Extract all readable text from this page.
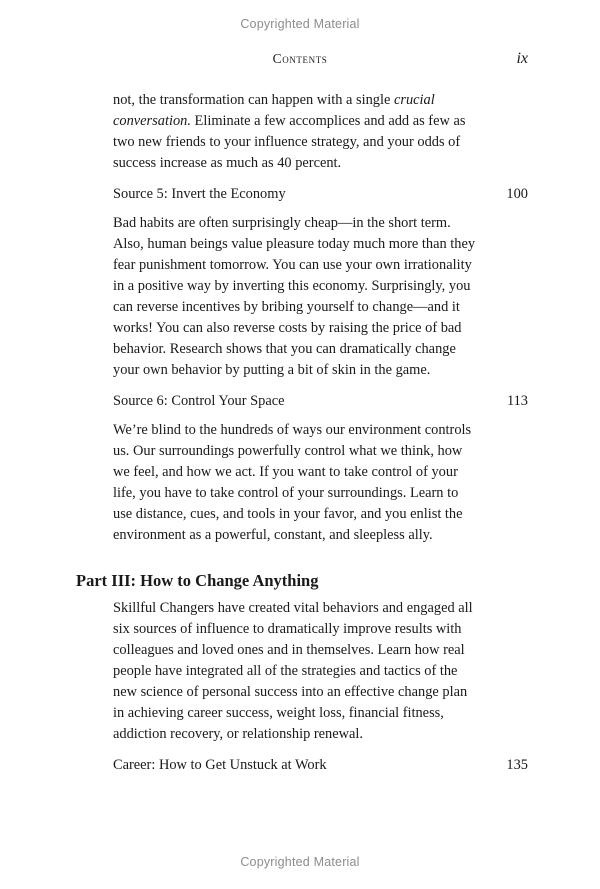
Copyrighted Material
Contents	ix

not, the transformation can happen with a single crucial conversation. Eliminate a few accomplices and add as few as two new friends to your influence strategy, and your odds of success increase as much as 40 percent.

Source 5: Invert the Economy	100

Bad habits are often surprisingly cheap—in the short term. Also, human beings value pleasure today much more than they fear punishment tomorrow. You can use your own irrationality in a positive way by inverting this economy. Surprisingly, you can reverse incentives by bribing yourself to change—and it works! You can also reverse costs by raising the price of bad behavior. Research shows that you can dramatically change your own behavior by putting a bit of skin in the game.

Source 6: Control Your Space	113

We’re blind to the hundreds of ways our environment controls us. Our surroundings powerfully control what we think, how we feel, and how we act. If you want to take control of your life, you have to take control of your surroundings. Learn to use distance, cues, and tools in your favor, and you enlist the environment as a powerful, constant, and sleepless ally.

Part III: How to Change Anything

Skillful Changers have created vital behaviors and engaged all six sources of influence to dramatically improve results with colleagues and loved ones and in themselves. Learn how real people have integrated all of the strategies and tactics of the new science of personal success into an effective change plan in achieving career success, weight loss, financial fitness, addiction recovery, or relationship renewal.

Career: How to Get Unstuck at Work	135
Copyrighted Material
